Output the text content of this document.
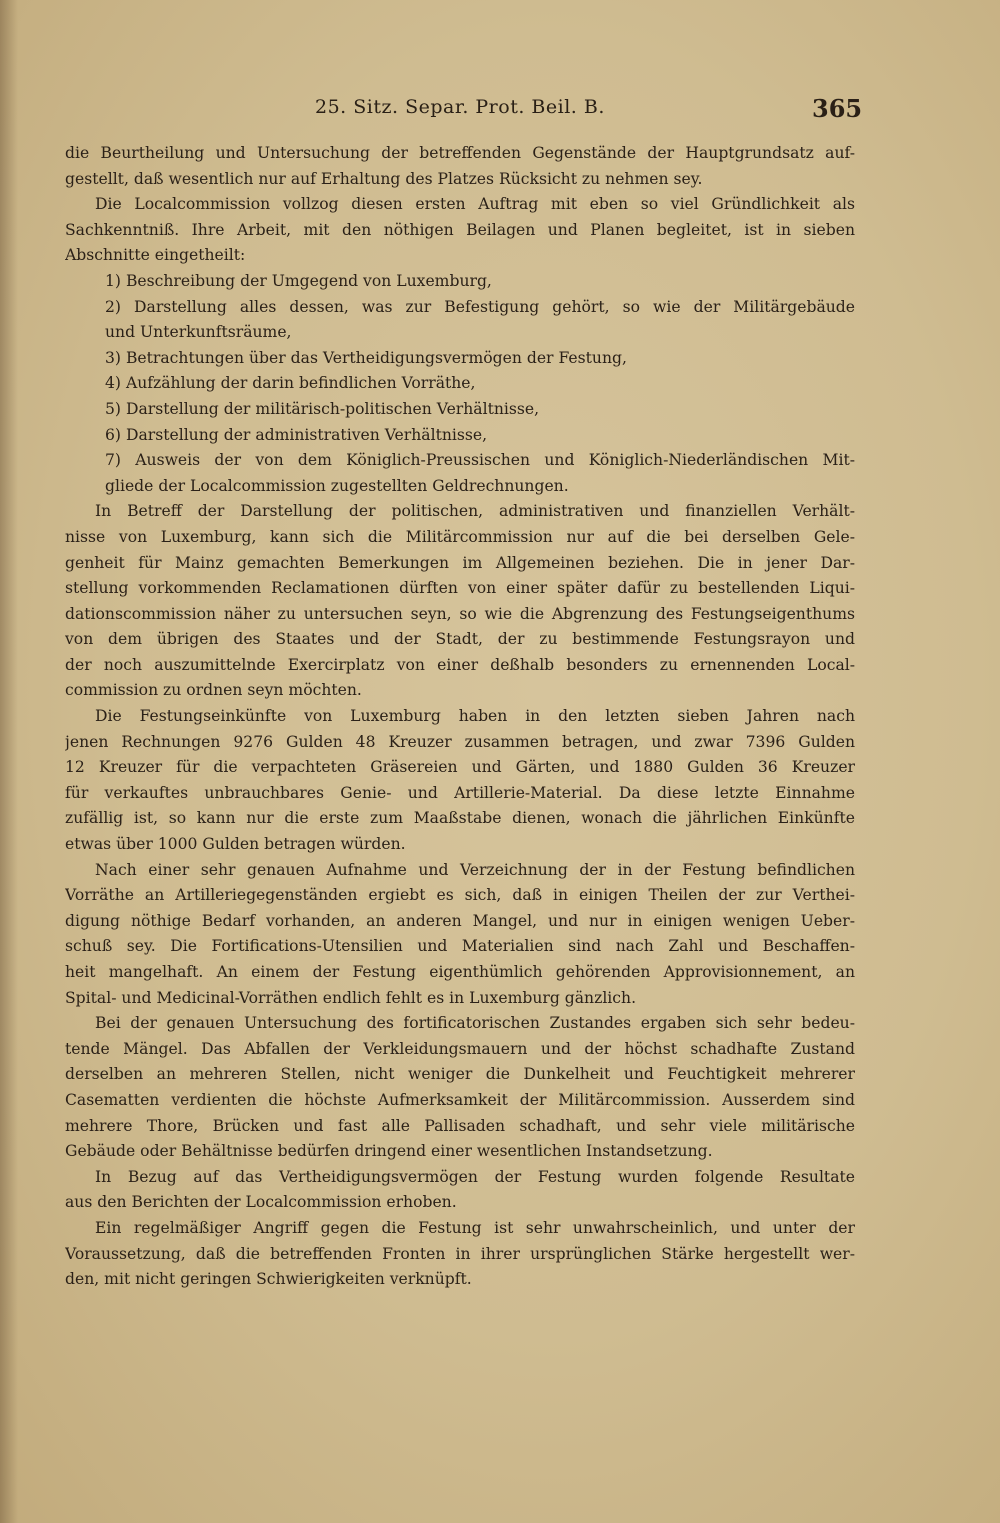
25. Sitz. Separ. Prot. Beil. B.	365
die Beurtheilung und Untersuchung der betreffenden Gegenstände der Hauptgrundsatz auf-
gestellt, daß wesentlich nur auf Erhaltung des Platzes Rücksicht zu nehmen sey.
Die Localcommission vollzog diesen ersten Auftrag mit eben so viel Gründlichkeit als
Sachkenntniß. Ihre Arbeit, mit den nöthigen Beilagen und Planen begleitet, ist in sieben
Abschnitte eingetheilt:
1) Beschreibung der Umgegend von Luxemburg,
2) Darstellung alles dessen, was zur Befestigung gehört, so wie der Militärgebäude
und Unterkunftsräume,
3) Betrachtungen über das Vertheidigungsvermögen der Festung,
4) Aufzählung der darin befindlichen Vorräthe,
5) Darstellung der militärisch-politischen Verhältnisse,
6) Darstellung der administrativen Verhältnisse,
7) Ausweis der von dem Königlich-Preussischen und Königlich-Niederländischen Mit-
gliede der Localcommission zugestellten Geldrechnungen.
In Betreff der Darstellung der politischen, administrativen und finanziellen Verhält-
nisse von Luxemburg, kann sich die Militärcommission nur auf die bei derselben Gele-
genheit für Mainz gemachten Bemerkungen im Allgemeinen beziehen. Die in jener Dar-
stellung vorkommenden Reclamationen dürften von einer später dafür zu bestellenden Liqui-
dationscommission näher zu untersuchen seyn, so wie die Abgrenzung des Festungseigenthums
von dem übrigen des Staates und der Stadt, der zu bestimmende Festungsrayon und
der noch auszumittelnde Exercirplatz von einer deßhalb besonders zu ernennenden Local-
commission zu ordnen seyn möchten.
Die Festungseinkünfte von Luxemburg haben in den letzten sieben Jahren nach
jenen Rechnungen 9276 Gulden 48 Kreuzer zusammen betragen, und zwar 7396 Gulden
12 Kreuzer für die verpachteten Gräsereien und Gärten, und 1880 Gulden 36 Kreuzer
für verkauftes unbrauchbares Genie- und Artillerie-Material. Da diese letzte Einnahme
zufällig ist, so kann nur die erste zum Maaßstabe dienen, wonach die jährlichen Einkünfte
etwas über 1000 Gulden betragen würden.
Nach einer sehr genauen Aufnahme und Verzeichnung der in der Festung befindlichen
Vorräthe an Artilleriegegenständen ergiebt es sich, daß in einigen Theilen der zur Verthei-
digung nöthige Bedarf vorhanden, an anderen Mangel, und nur in einigen wenigen Ueber-
schuß sey. Die Fortifications-Utensilien und Materialien sind nach Zahl und Beschaffen-
heit mangelhaft. An einem der Festung eigenthümlich gehörenden Approvisionnement, an
Spital- und Medicinal-Vorräthen endlich fehlt es in Luxemburg gänzlich.
Bei der genauen Untersuchung des fortificatorischen Zustandes ergaben sich sehr bedeu-
tende Mängel. Das Abfallen der Verkleidungsmauern und der höchst schadhafte Zustand
derselben an mehreren Stellen, nicht weniger die Dunkelheit und Feuchtigkeit mehrerer
Casematten verdienten die höchste Aufmerksamkeit der Militärcommission. Ausserdem sind
mehrere Thore, Brücken und fast alle Pallisaden schadhaft, und sehr viele militärische
Gebäude oder Behältnisse bedürfen dringend einer wesentlichen Instandsetzung.
In Bezug auf das Vertheidigungsvermögen der Festung wurden folgende Resultate
aus den Berichten der Localcommission erhoben.
Ein regelmäßiger Angriff gegen die Festung ist sehr unwahrscheinlich, und unter der
Voraussetzung, daß die betreffenden Fronten in ihrer ursprünglichen Stärke hergestellt wer-
den, mit nicht geringen Schwierigkeiten verknüpft.
